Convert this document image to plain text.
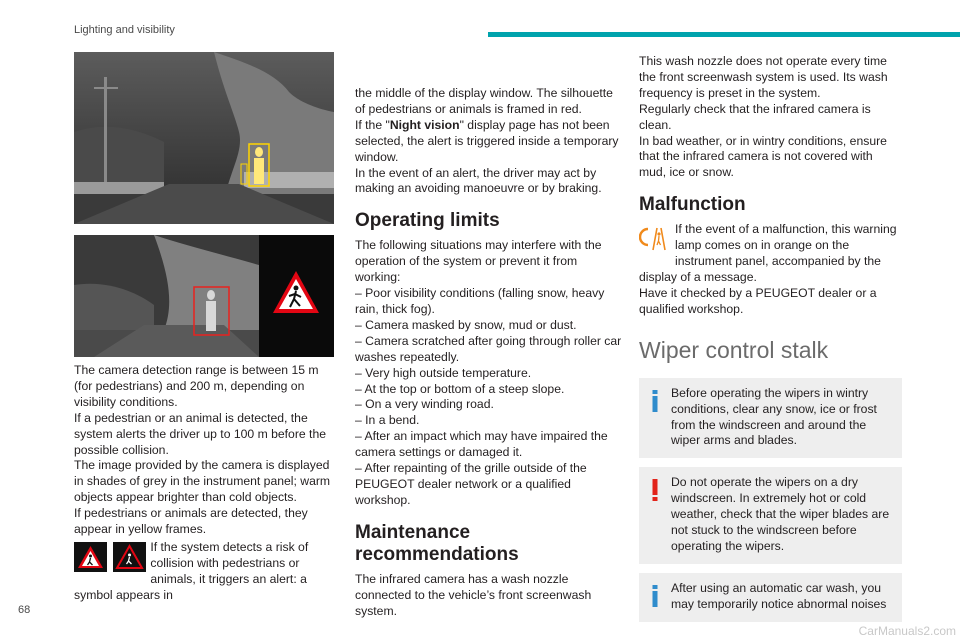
Lighting and visibility

The camera detection range is between 15 m (for pedestrians) and 200 m, depending on visibility conditions.

If a pedestrian or an animal is detected, the system alerts the driver up to 100 m before the possible collision.

The image provided by the camera is displayed in shades of grey in the instrument panel; warm objects appear brighter than cold objects.

If pedestrians or animals are detected, they appear in yellow frames.

If the system detects a risk of collision with pedestrians or animals, it triggers an alert: a symbol appears in

the middle of the display window. The silhouette of pedestrians or animals is framed in red.

If the "Night vision" display page has not been selected, the alert is triggered inside a temporary window.

In the event of an alert, the driver may act by making an avoiding manoeuvre or by braking.

Operating limits

The following situations may interfere with the operation of the system or prevent it from working:

– Poor visibility conditions (falling snow, heavy rain, thick fog).

– Camera masked by snow, mud or dust.

– Camera scratched after going through roller car washes repeatedly.

– Very high outside temperature.

– At the top or bottom of a steep slope.

– On a very winding road.

– In a bend.

– After an impact which may have impaired the camera settings or damaged it.

– After repainting of the grille outside of the PEUGEOT dealer network or a qualified workshop.

Maintenance recommendations

The infrared camera has a wash nozzle connected to the vehicle’s front screenwash system.

This wash nozzle does not operate every time the front screenwash system is used. Its wash frequency is preset in the system.

Regularly check that the infrared camera is clean.

In bad weather, or in wintry conditions, ensure that the infrared camera is not covered with mud, ice or snow.

Malfunction

If the event of a malfunction, this warning lamp comes on in orange on the instrument panel, accompanied by the display of a message.

Have it checked by a PEUGEOT dealer or a qualified workshop.

Wiper control stalk

Before operating the wipers in wintry conditions, clear any snow, ice or frost from the windscreen and around the wiper arms and blades.

Do not operate the wipers on a dry windscreen. In extremely hot or cold weather, check that the wiper blades are not stuck to the windscreen before operating the wipers.

After using an automatic car wash, you may temporarily notice abnormal noises

68
CarManuals2.com
